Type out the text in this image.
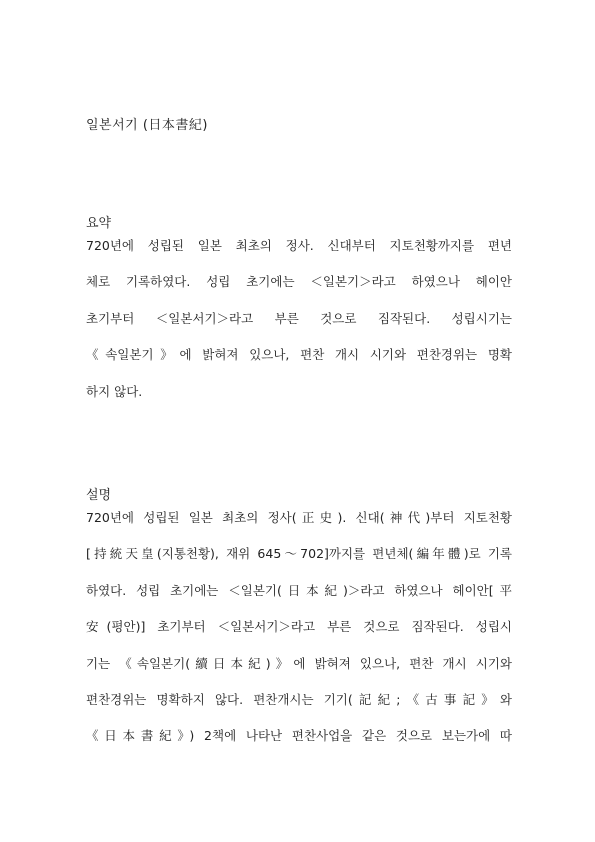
일본서기 (日本書紀)
요약
720년에 성립된 일본 최초의 정사. 신대부터 지토천황까지를 편년
체로 기록하였다. 성립 초기에는 ＜일본기＞라고 하였으나 헤이안
초기부터 ＜일본서기＞라고 부른 것으로 짐작된다. 성립시기는
《속일본기》에 밝혀져 있으나, 편찬 개시 시기와 편찬경위는 명확
하지 않다.
설명
720년에 성립된 일본 최초의 정사(正史). 신대(神代)부터 지토천황
[持統天皇(지통천황), 재위 645～702]까지를 편년체(編年體)로 기록
하였다. 성립 초기에는 ＜일본기(日本紀)＞라고 하였으나 헤이안[平
安(평안)] 초기부터 ＜일본서기＞라고 부른 것으로 짐작된다. 성립시
기는 《속일본기(續日本紀)》에 밝혀져 있으나, 편찬 개시 시기와
편찬경위는 명확하지 않다. 편찬개시는 기기(記紀;《古事記》와
《日本書紀》) 2책에 나타난 편찬사업을 같은 것으로 보는가에 따
